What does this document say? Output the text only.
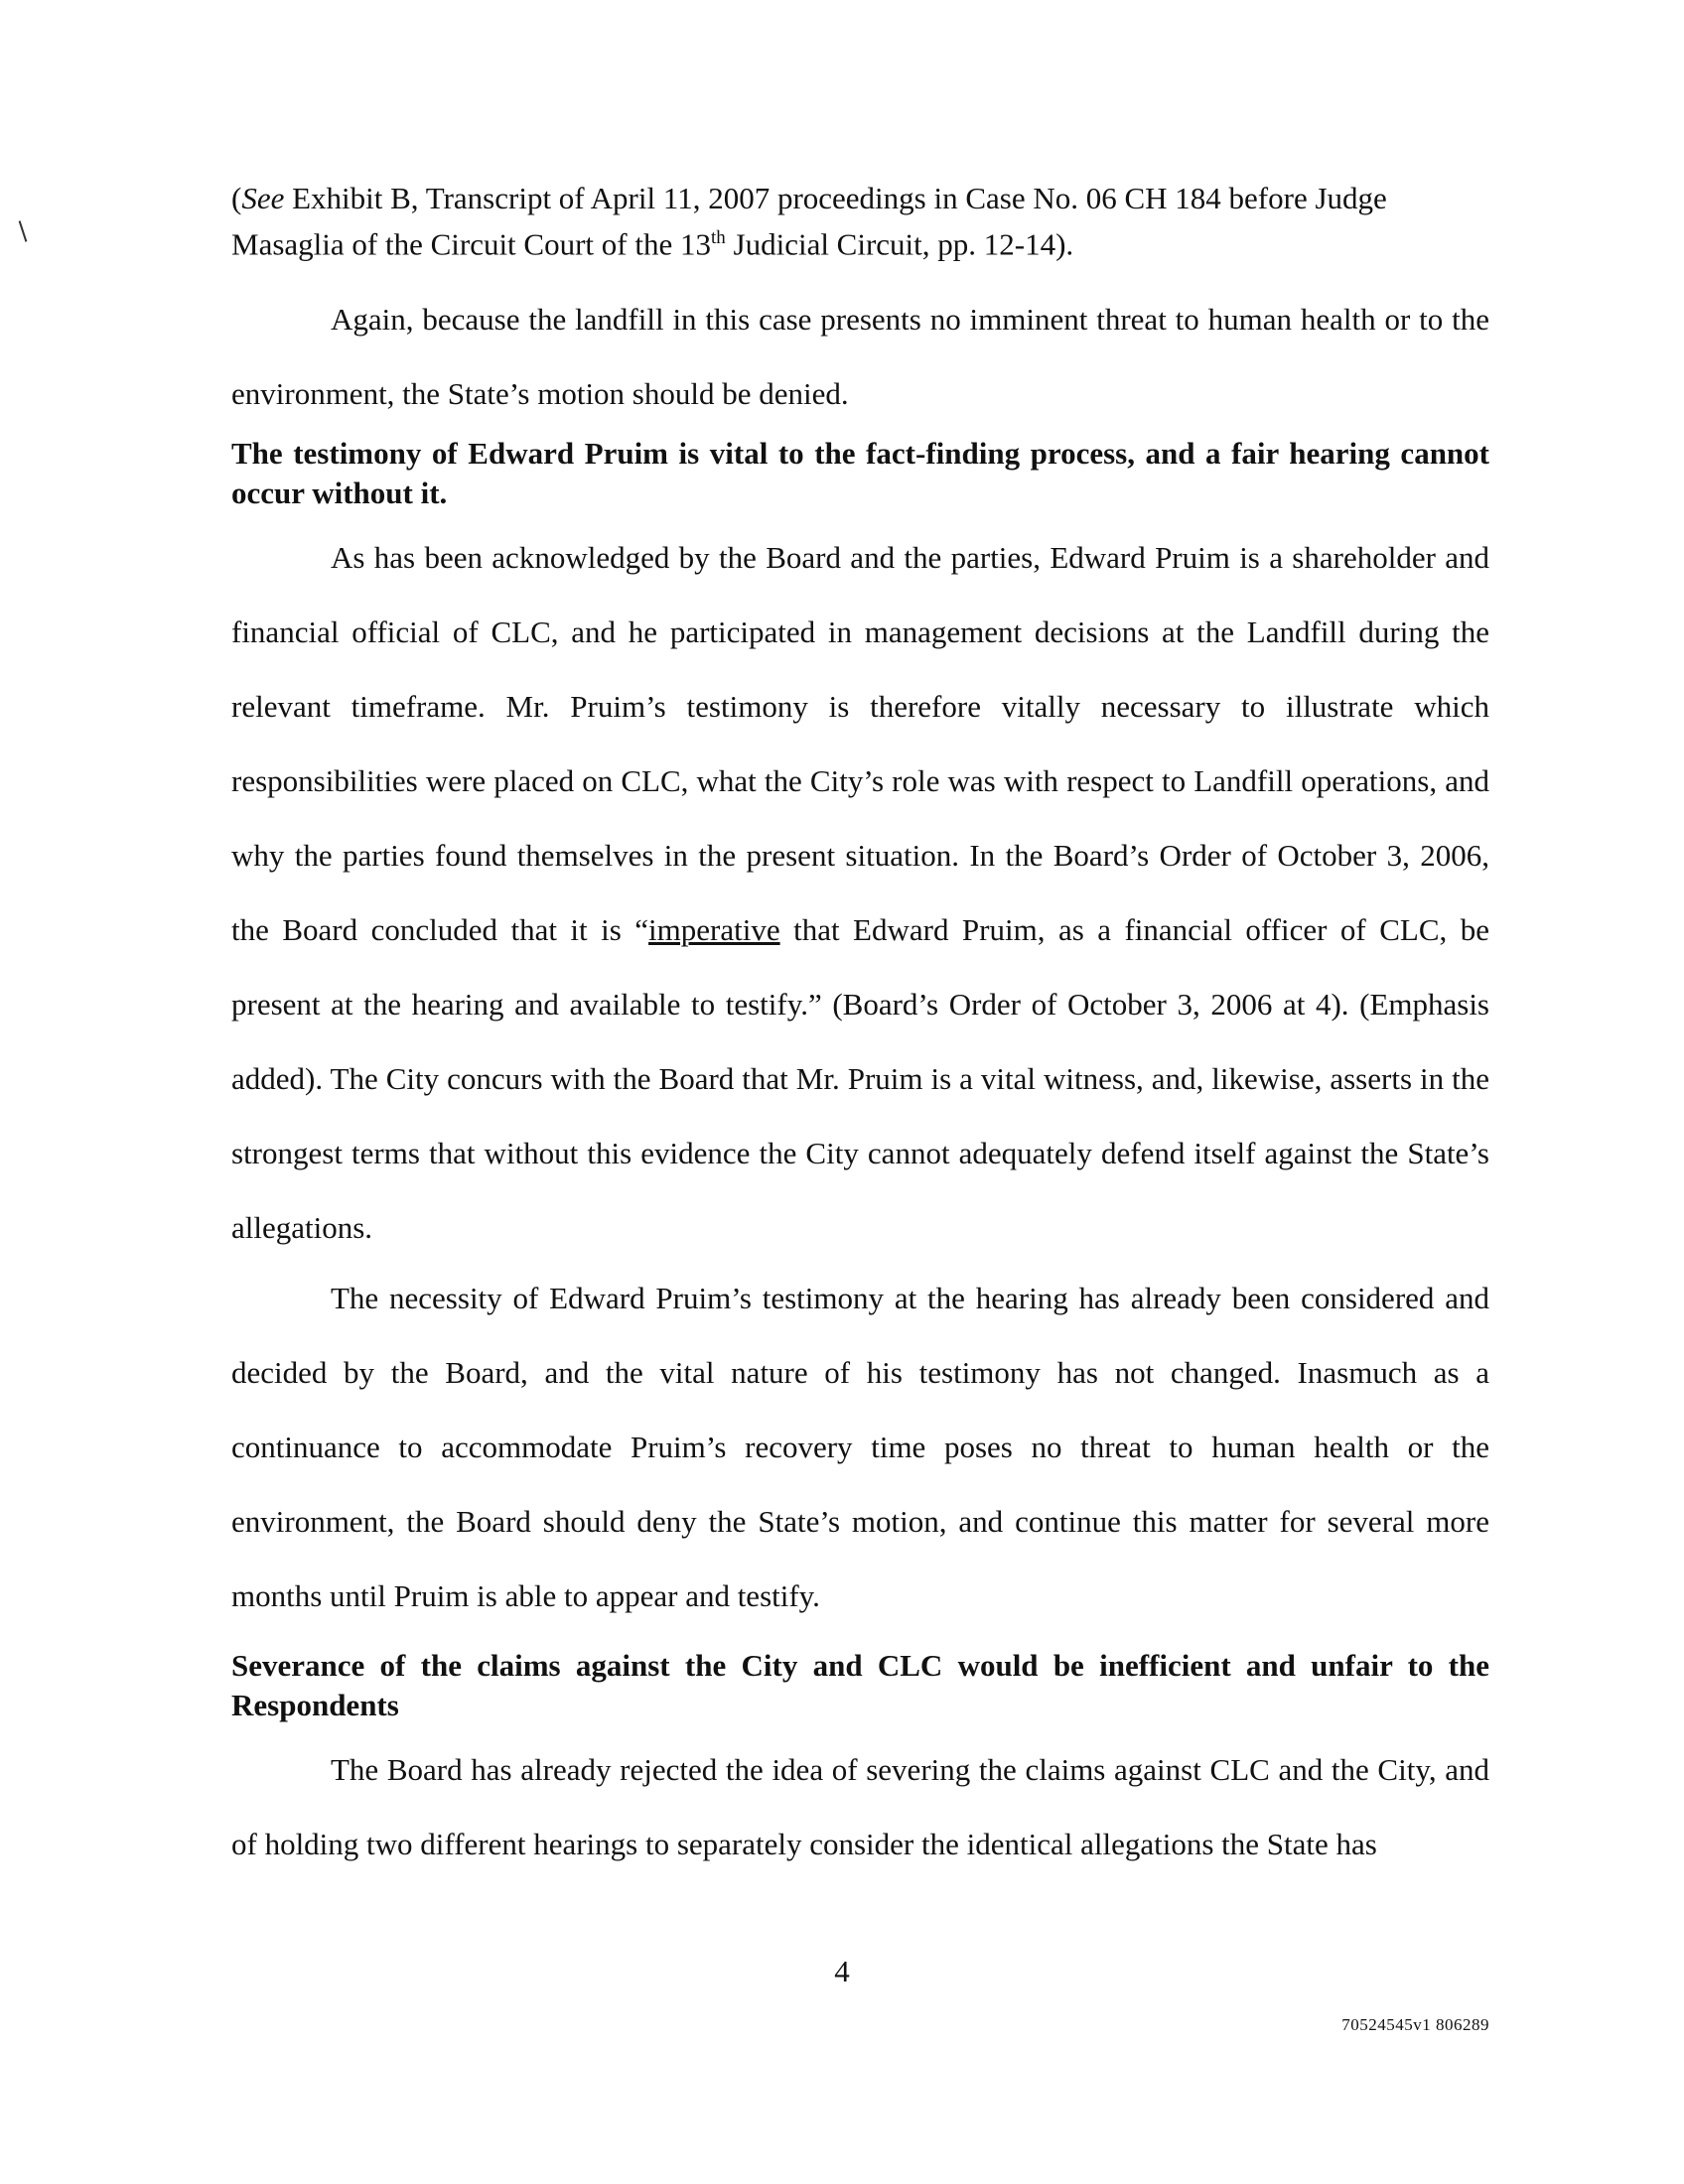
(See Exhibit B, Transcript of April 11, 2007 proceedings in Case No. 06 CH 184 before Judge Masaglia of the Circuit Court of the 13th Judicial Circuit, pp. 12-14).

Again, because the landfill in this case presents no imminent threat to human health or to the environment, the State’s motion should be denied.

The testimony of Edward Pruim is vital to the fact-finding process, and a fair hearing cannot occur without it.

As has been acknowledged by the Board and the parties, Edward Pruim is a shareholder and financial official of CLC, and he participated in management decisions at the Landfill during the relevant timeframe. Mr. Pruim’s testimony is therefore vitally necessary to illustrate which responsibilities were placed on CLC, what the City’s role was with respect to Landfill operations, and why the parties found themselves in the present situation. In the Board’s Order of October 3, 2006, the Board concluded that it is “imperative that Edward Pruim, as a financial officer of CLC, be present at the hearing and available to testify.” (Board’s Order of October 3, 2006 at 4). (Emphasis added). The City concurs with the Board that Mr. Pruim is a vital witness, and, likewise, asserts in the strongest terms that without this evidence the City cannot adequately defend itself against the State’s allegations.

The necessity of Edward Pruim’s testimony at the hearing has already been considered and decided by the Board, and the vital nature of his testimony has not changed. Inasmuch as a continuance to accommodate Pruim’s recovery time poses no threat to human health or the environment, the Board should deny the State’s motion, and continue this matter for several more months until Pruim is able to appear and testify.

Severance of the claims against the City and CLC would be inefficient and unfair to the Respondents

The Board has already rejected the idea of severing the claims against CLC and the City, and of holding two different hearings to separately consider the identical allegations the State has

4
70524545v1 806289
